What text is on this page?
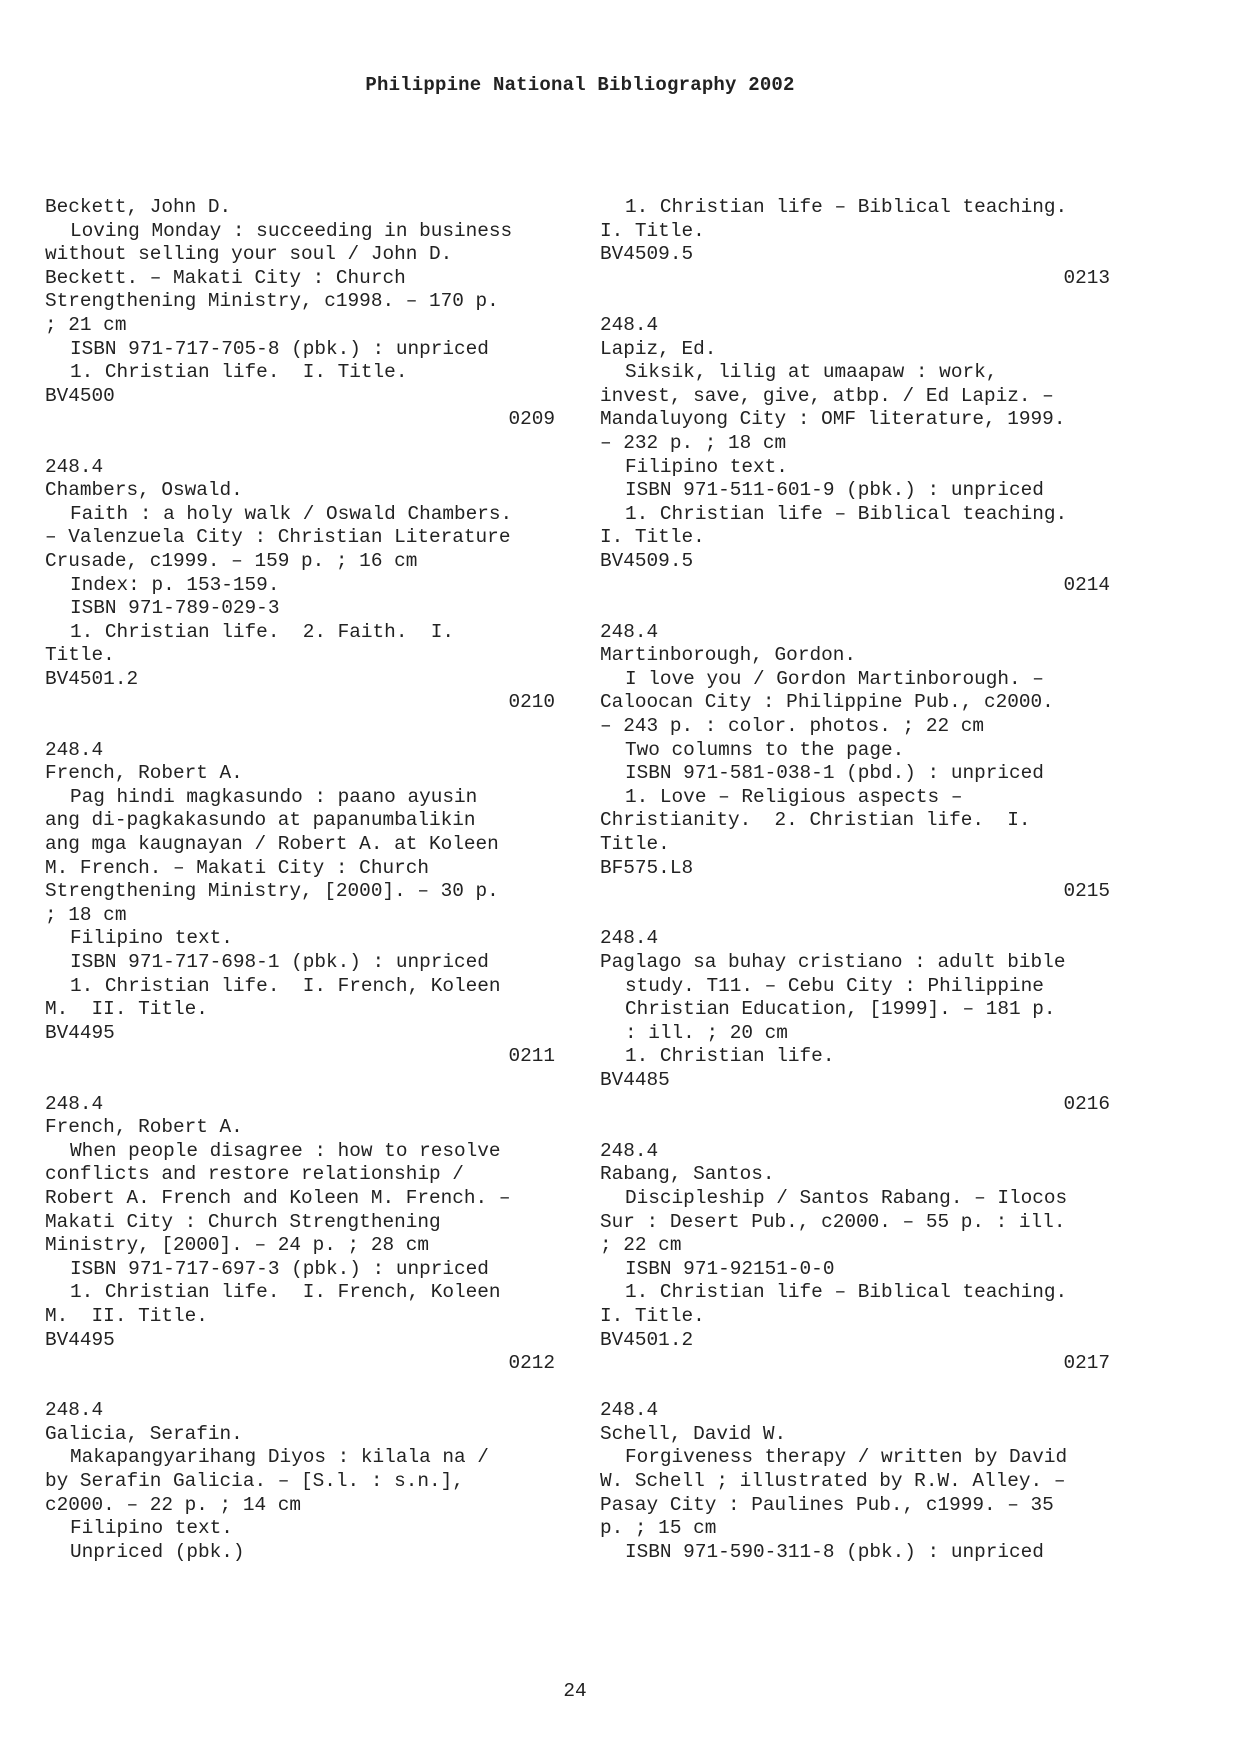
Philippine National Bibliography 2002
Beckett, John D.
Loving Monday : succeeding in business
without selling your soul / John D.
Beckett. – Makati City : Church
Strengthening Ministry, c1998. – 170 p.
; 21 cm
ISBN 971-717-705-8 (pbk.) : unpriced
1. Christian life.  I. Title.
BV4500
0209
248.4
Chambers, Oswald.
Faith : a holy walk / Oswald Chambers.
– Valenzuela City : Christian Literature
Crusade, c1999. – 159 p. ; 16 cm
Index: p. 153-159.
ISBN 971-789-029-3
1. Christian life.  2. Faith.  I.
Title.
BV4501.2
0210
248.4
French, Robert A.
Pag hindi magkasundo : paano ayusin
ang di-pagkakasundo at papanumbalikin
ang mga kaugnayan / Robert A. at Koleen
M. French. – Makati City : Church
Strengthening Ministry, [2000]. – 30 p.
; 18 cm
Filipino text.
ISBN 971-717-698-1 (pbk.) : unpriced
1. Christian life.  I. French, Koleen
M.  II. Title.
BV4495
0211
248.4
French, Robert A.
When people disagree : how to resolve
conflicts and restore relationship /
Robert A. French and Koleen M. French. –
Makati City : Church Strengthening
Ministry, [2000]. – 24 p. ; 28 cm
ISBN 971-717-697-3 (pbk.) : unpriced
1. Christian life.  I. French, Koleen
M.  II. Title.
BV4495
0212
248.4
Galicia, Serafin.
Makapangyarihang Diyos : kilala na /
by Serafin Galicia. – [S.l. : s.n.],
c2000. – 22 p. ; 14 cm
Filipino text.
Unpriced (pbk.)
1. Christian life – Biblical teaching.
I. Title.
BV4509.5
0213
248.4
Lapiz, Ed.
Siksik, lilig at umaapaw : work,
invest, save, give, atbp. / Ed Lapiz. –
Mandaluyong City : OMF literature, 1999.
– 232 p. ; 18 cm
Filipino text.
ISBN 971-511-601-9 (pbk.) : unpriced
1. Christian life – Biblical teaching.
I. Title.
BV4509.5
0214
248.4
Martinborough, Gordon.
I love you / Gordon Martinborough. –
Caloocan City : Philippine Pub., c2000.
– 243 p. : color. photos. ; 22 cm
Two columns to the page.
ISBN 971-581-038-1 (pbd.) : unpriced
1. Love – Religious aspects –
Christianity.  2. Christian life.  I.
Title.
BF575.L8
0215
248.4
Paglago sa buhay cristiano : adult bible
study. T11. – Cebu City : Philippine
Christian Education, [1999]. – 181 p.
: ill. ; 20 cm
1. Christian life.
BV4485
0216
248.4
Rabang, Santos.
Discipleship / Santos Rabang. – Ilocos
Sur : Desert Pub., c2000. – 55 p. : ill.
; 22 cm
ISBN 971-92151-0-0
1. Christian life – Biblical teaching.
I. Title.
BV4501.2
0217
248.4
Schell, David W.
Forgiveness therapy / written by David
W. Schell ; illustrated by R.W. Alley. –
Pasay City : Paulines Pub., c1999. – 35
p. ; 15 cm
ISBN 971-590-311-8 (pbk.) : unpriced
24
